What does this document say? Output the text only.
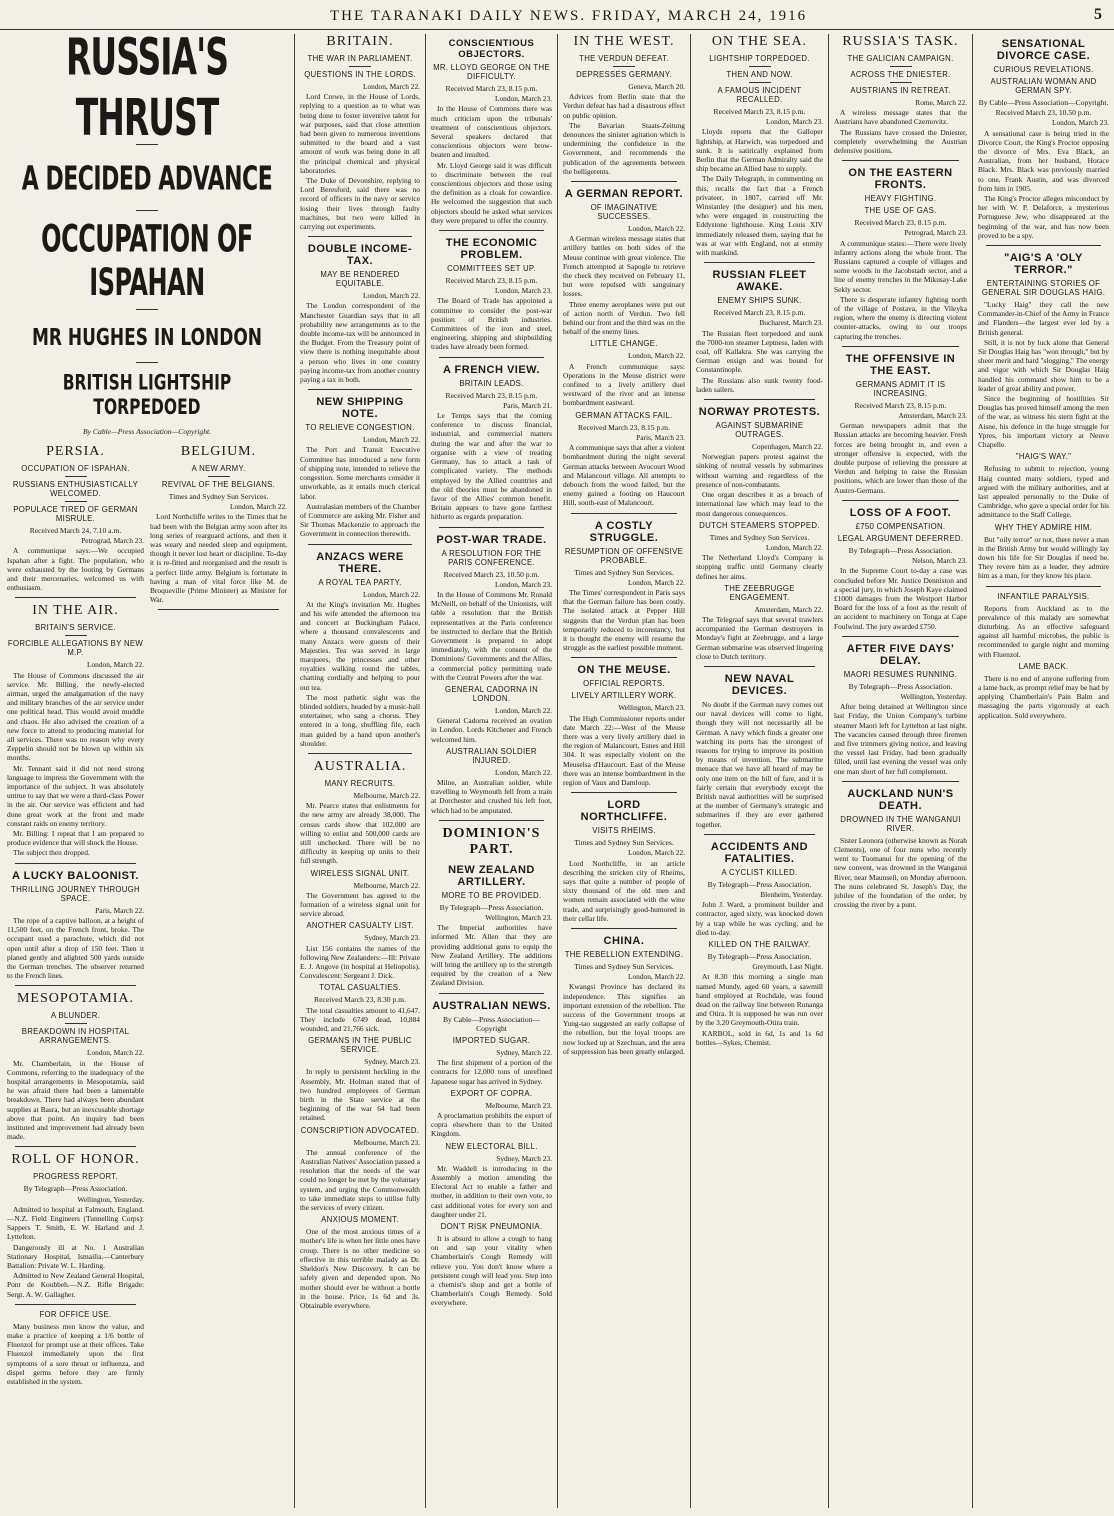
THE TARANAKI DAILY NEWS. FRIDAY, MARCH 24, 1916	5
RUSSIA'S THRUST
A DECIDED ADVANCE
OCCUPATION OF ISPAHAN
MR HUGHES IN LONDON
BRITISH LIGHTSHIP TORPEDOED
By Cable—Press Association—Copyright.
PERSIA.
OCCUPATION OF ISPAHAN.
RUSSIANS ENTHUSIASTICALLY WELCOMED.
POPULACE TIRED OF GERMAN MISRULE.

Received March 24, 7.10 a.m.

Petrograd, March 23.

A communique says:—We occupied Ispahan after a fight. The population, who were exhausted by the looting by Germans and their mercenaries, welcomed us with enthusiasm.

IN THE AIR.
BRITAIN'S SERVICE.
FORCIBLE ALLEGATIONS BY NEW M.P.

London, March 22.

The House of Commons discussed the air service. Mr. Billing, the newly-elected airman, urged the amalgamation of the navy and military branches of the air service under one political head. This would avoid muddle and chaos. He also advised the creation of a new force to attend to producing material for all services. There was no reason why every Zeppelin should not be blown up within six months.

Mr. Tennant said it did not need strong language to impress the Government with the importance of the subject. It was absolutely untrue to say that we were a third-class Power in the air. Our service was efficient and had done great work at the front and made constant raids on enemy territory.

Mr. Billing: I repeat that I am prepared to produce evidence that will shock the House.

The subject then dropped.

A LUCKY BALOONIST.
THRILLING JOURNEY THROUGH SPACE.

Paris, March 22.

The rope of a captive balloon, at a height of 11,500 feet, on the French front, broke. The occupant used a parachute, which did not open until after a drop of 150 feet. Then it planed gently and alighted 500 yards outside the German trenches. The observer returned to the French lines.

MESOPOTAMIA.
A BLUNDER.
BREAKDOWN IN HOSPITAL ARRANGEMENTS.

London, March 22.

Mr. Chamberlain, in the House of Commons, referring to the inadequacy of the hospital arrangements in Mesopotamia, said he was afraid there had been a lamentable breakdown. There had always been abundant supplies at Basra, but an inexcusable shortage above that point. An inquiry had been instituted and improvement had already been made.

ROLL OF HONOR.
PROGRESS REPORT.

By Telegraph—Press Association.

Wellington, Yesterday.

Admitted to hospital at Falmouth, England.—N.Z. Field Engineers (Tunnelling Corps): Sappers T. Smith, E. W. Harland and J. Lyttelton.

Dangerously ill at No. 1 Australian Stationary Hospital, Ismailia.—Canterbury Battalion: Private W. L. Harding.

Admitted to New Zealand General Hospital, Pont de Koubbeh.—N.Z. Rifle Brigade: Sergt. A. W. Gallagher.

FOR OFFICE USE.

Many business men know the value, and make a practice of keeping a 1/6 bottle of Fluenzol for prompt use at their offices. Take Fluenzol immediately upon the first symptoms of a sore throat or influenza, and dispel germs before they are firmly established in the system.

BELGIUM.
A NEW ARMY.
REVIVAL OF THE BELGIANS.

Times and Sydney Sun Services.

London, March 22.

Lord Northcliffe writes to the Times that he had been with the Belgian army soon after its long series of rearguard actions, and then it was weary and needed sleep and equipment, though it never lost heart or discipline. To-day it is re-fitted and reorganised and the result is a perfect little army. Belgium is fortunate in having a man of vital force like M. de Broqueville (Prime Minister) as Minister for War.

BRITAIN.
THE WAR IN PARLIAMENT.
QUESTIONS IN THE LORDS.

London, March 22.

Lord Crewe, in the House of Lords, replying to a question as to what was being done to foster inventive talent for war purposes, said that close attention had been given to numerous inventions submitted to the board and a vast amount of work was being done in all the principal chemical and physical laboratories.

The Duke of Devonshire, replying to Lord Beresford, said there was no record of officers in the navy or service losing their lives through faulty machines, but two were killed in carrying out experiments.

DOUBLE INCOME-TAX.
MAY BE RENDERED EQUITABLE.

London, March 22.

The London correspondent of the Manchester Guardian says that in all probability new arrangements as to the double income-tax will be announced in the Budget. From the Treasury point of view there is nothing inequitable about a person who lives in one country paying income-tax from another country paying a tax in both.

NEW SHIPPING NOTE.
TO RELIEVE CONGESTION.

London, March 22.

The Port and Transit Executive Committee has introduced a new form of shipping note, intended to relieve the congestion. Some merchants consider it unworkable, as it entails much clerical labor.

Australasian members of the Chamber of Commerce are asking Mr. Fisher and Sir Thomas Mackenzie to approach the Government in connection therewith.

ANZACS WERE THERE.
A ROYAL TEA PARTY.

London, March 22.

At the King's invitation Mr. Hughes and his wife attended the afternoon tea and concert at Buckingham Palace, where a thousand convalescents and many Anzacs were guests of their Majesties. Tea was served in large marquees, the princesses and other royalties walking round the tables, chatting cordially and helping to pour out tea.

The most pathetic sight was the blinded soldiers, headed by a music-hall entertainer, who sang a chorus. They entered in a long, shuffling file, each man guided by a hand upon another's shoulder.

AUSTRALIA.
MANY RECRUITS.

Melbourne, March 22.

Mr. Pearce states that enlistments for the new army are already 38,000. The census cards show that 102,000 are willing to enlist and 500,000 cards are still unchecked. There will be no difficulty in keeping up units to their full strength.

WIRELESS SIGNAL UNIT.

Melbourne, March 22.

The Government has agreed to the formation of a wireless signal unit for service abroad.

ANOTHER CASUALTY LIST.

Sydney, March 23.

List 156 contains the names of the following New Zealanders:—Ill: Private E. J. Angove (in hospital at Heliopolis). Convalescent: Sergeant J. Dick.

TOTAL CASUALTIES.

Received March 23, 8.30 p.m.

The total casualties amount to 41,647. They include 6749 dead, 10,884 wounded, and 21,766 sick.

GERMANS IN THE PUBLIC SERVICE.

Sydney, March 23.

In reply to persistent heckling in the Assembly, Mr. Holman stated that of two hundred employees of German birth in the State service at the beginning of the war 64 had been retained.

CONSCRIPTION ADVOCATED.

Melbourne, March 23.

The annual conference of the Australian Natives' Association passed a resolution that the needs of the war could no longer be met by the voluntary system, and urging the Commonwealth to take immediate steps to utilise fully the services of every citizen.

ANXIOUS MOMENT.

One of the most anxious times of a mother's life is when her little ones have croup. There is no other medicine so effective in this terrible malady as Dr. Sheldon's New Discovery. It can be safely given and depended upon. No mother should ever be without a bottle in the house. Price, 1s 6d and 3s. Obtainable everywhere.

CONSCIENTIOUS OBJECTORS.
MR. LLOYD GEORGE ON THE DIFFICULTY.

Received March 23, 8.15 p.m.

London, March 23.

In the House of Commons there was much criticism upon the tribunals' treatment of conscientious objectors. Several speakers declared that conscientious objectors were brow-beaten and insulted.

Mr. Lloyd George said it was difficult to discriminate between the real conscientious objectors and those using the definition as a cloak for cowardice. He welcomed the suggestion that such objectors should be asked what services they were prepared to offer the country.

THE ECONOMIC PROBLEM.
COMMITTEES SET UP.

Received March 23, 8.15 p.m.

London, March 23.

The Board of Trade has appointed a committee to consider the post-war position of British industries. Committees of the iron and steel, engineering, shipping and shipbuilding trades have already been formed.

A FRENCH VIEW.
BRITAIN LEADS.

Received March 23, 8.15 p.m.

Paris, March 21.

Le Temps says that the coming conference to discuss financial, industrial, and commercial matters during the war and after the war to organise with a view of treating Germany, has to attack a task of complicated variety. The methods employed by the Allied countries and the old theories must be abandoned in favor of the Allies' common benefit. Britain appears to have gone farthest hitherto as regards preparation.

POST-WAR TRADE.
A RESOLUTION FOR THE PARIS CONFERENCE.

Received March 23, 10.50 p.m.

London, March 23.

In the House of Commons Mr. Ronald McNeill, on behalf of the Unionists, will table a resolution that the British representatives at the Paris conference be instructed to declare that the British Government is prepared to adopt immediately, with the consent of the Dominions' Governments and the Allies, a commercial policy permitting trade with the Central Powers after the war.

GENERAL CADORNA IN LONDON.

London, March 22.

General Cadorna received an ovation in London. Lords Kitchener and French welcomed him.

AUSTRALIAN SOLDIER INJURED.

London, March 22.

Milne, an Australian soldier, while travelling to Weymouth fell from a train at Dorchester and crushed his left foot, which had to be amputated.

DOMINION'S PART.
NEW ZEALAND ARTILLERY.
MORE TO BE PROVIDED.

By Telegraph—Press Association.

Wellington, March 23.

The Imperial authorities have informed Mr. Allen that they are providing additional guns to equip the New Zealand Artillery. The additions will bring the artillery up to the strength required by the creation of a New Zealand Division.

AUSTRALIAN NEWS.

By Cable—Press Association—Copyright

IMPORTED SUGAR.

Sydney, March 22.

The first shipment of a portion of the contracts for 12,000 tons of unrefined Japanese sugar has arrived in Sydney.

EXPORT OF COPRA.

Melbourne, March 23.

A proclamation prohibits the export of copra elsewhere than to the United Kingdom.

NEW ELECTORAL BILL.

Sydney, March 23.

Mr. Waddell is introducing in the Assembly a motion amending the Electoral Act to enable a father and mother, in addition to their own vote, to cast additional votes for every son and daughter under 21.

DON'T RISK PNEUMONIA.

It is absurd to allow a cough to hang on and sap your vitality when Chamberlain's Cough Remedy will relieve you. You don't know where a persistent cough will lead you. Step into a chemist's shop and get a bottle of Chamberlain's Cough Remedy. Sold everywhere.

IN THE WEST.
THE VERDUN DEFEAT.
DEPRESSES GERMANY.

Geneva, March 20.

Advices from Berlin state that the Verdun defeat has had a disastrous effect on public opinion.

The Bavarian Staats-Zeitung denounces the sinister agitation which is undermining the confidence in the Government, and recommends the publication of the agreements between the belligerents.

A GERMAN REPORT.
OF IMAGINATIVE SUCCESSES.

London, March 22.

A German wireless message states that artillery battles on both sides of the Meuse continue with great violence. The French attempted at Sapogle to retrieve the check they received on February 11, but were repulsed with sanguinary losses.

Three enemy aeroplanes were put out of action north of Verdun. Two fell behind our front and the third was on the behalf of the enemy lines.

LITTLE CHANGE.

London, March 22.

A French communique says: Operations in the Meuse district were confined to a lively artillery duel westward of the river and an intense bombardment eastward.

GERMAN ATTACKS FAIL.

Received March 23, 8.15 p.m.

Paris, March 23.

A communique says that after a violent bombardment during the night several German attacks between Avocourt Wood and Malancourt village. All attempts to debouch from the wood failed, but the enemy gained a footing on Haucourt Hill, south-east of Malancourt.

A COSTLY STRUGGLE.
RESUMPTION OF OFFENSIVE PROBABLE.

Times and Sydney Sun Services.

London, March 22.

The Times' correspondent in Paris says that the German failure has been costly. The isolated attack at Pepper Hill suggests that the Verdun plan has been temporarily reduced to inconstancy, but it is thought the enemy will resume the struggle as the earliest possible moment.

ON THE MEUSE.
OFFICIAL REPORTS.
LIVELY ARTILLERY WORK.

Wellington, March 23.

The High Commissioner reports under date March 22:—West of the Meuse there was a very lively artillery duel in the region of Malancourt, Esnes and Hill 304. It was especially violent on the Meuselsa d'Haucourt. East of the Meuse there was an intense bombardment in the region of Vaux and Damloup.

LORD NORTHCLIFFE.
VISITS RHEIMS.

Times and Sydney Sun Services.

London, March 22.

Lord Northcliffe, in an article describing the stricken city of Rheims, says that quite a number of people of sixty thousand of the old men and women remain associated with the wine trade, and surprisingly good-humored in their cellar life.

CHINA.
THE REBELLION EXTENDING.

Times and Sydney Sun Services.

London, March 22.

Kwangsi Province has declared its independence. This signifies an important extension of the rebellion. The success of the Government troops at Yung-tao suggested an early collapse of the rebellion, but the loyal troops are now locked up at Szechuan, and the area of suppression has been greatly enlarged.

ON THE SEA.
LIGHTSHIP TORPEDOED.
THEN AND NOW.
A FAMOUS INCIDENT RECALLED.

Received March 23, 8.15 p.m.

London, March 23.

Lloyds reports that the Galloper lightship, at Harwich, was torpedoed and sunk. It is satirically explained from Berlin that the German Admiralty said the ship became an Allied base to supply.

The Daily Telegraph, in commenting on this, recalls the fact that a French privateer, in 1807, carried off Mr. Winstanley (the designer) and his men, who were engaged in constructing the Eddystone lighthouse. King Louis XIV immediately released them, saying that he was at war with England, not at enmity with mankind.

RUSSIAN FLEET AWAKE.
ENEMY SHIPS SUNK.

Received March 23, 8.15 p.m.

Bucharest, March 23.

The Russian fleet torpedoed and sunk the 7000-ton steamer Leptness, laden with coal, off Kallakra. She was carrying the German ensign and was bound for Constantinople.

The Russians also sunk twenty food-laden sailers.

NORWAY PROTESTS.
AGAINST SUBMARINE OUTRAGES.

Copenhagen, March 22.

Norwegian papers protest against the sinking of neutral vessels by submarines without warning and regardless of the presence of non-combatants.

One organ describes it as a breach of international law which may lead to the most dangerous consequences.

DUTCH STEAMERS STOPPED.

Times and Sydney Sun Services.

London, March 22.

The Netherland Lloyd's Company is stopping traffic until Germany clearly defines her aims.

THE ZEEBRUGGE ENGAGEMENT.

Amsterdam, March 22.

The Telegraaf says that several trawlers accompanied the German destroyers in Monday's fight at Zeebrugge, and a large German submarine was observed lingering close to Dutch territory.

NEW NAVAL DEVICES.

No doubt if the German navy comes out our naval devices will come to light, though they will not necessarily all be German. A navy which finds a greater one watching its ports has the strongest of reasons for trying to improve its position by means of invention. The submarine menace that we have all heard of may be only one item on the bill of fare, and it is fairly certain that everybody except the British naval authorities will be surprised at the number of Germany's strategic and submarines if they are ever gathered together.

ACCIDENTS AND FATALITIES.
A CYCLIST KILLED.

By Telegraph—Press Association.

Blenheim, Yesterday.

John J. Ward, a prominent builder and contractor, aged sixty, was knocked down by a trap while he was cycling, and he died to-day.

KILLED ON THE RAILWAY.

By Telegraph—Press Association.

Greymouth, Last Night.

At 8.30 this morning a single man named Mundy, aged 60 years, a sawmill hand employed at Rochdale, was found dead on the railway line between Runanga and Otira. It is supposed he was run over by the 3.20 Greymouth-Otira train.

KARBOL, sold in 6d, 1s and 1s 6d bottles—Sykes, Chemist.

RUSSIA'S TASK.
THE GALICIAN CAMPAIGN.
ACROSS THE DNIESTER.
AUSTRIANS IN RETREAT.

Rome, March 22.

A wireless message states that the Austrians have abandoned Czernovitz.

The Russians have crossed the Dniester, completely overwhelming the Austrian defensive positions.

ON THE EASTERN FRONTS.
HEAVY FIGHTING.
THE USE OF GAS.

Received March 23, 8.15 p.m.

Petrograd, March 23.

A communique states:—There were lively infantry actions along the whole front. The Russians captured a couple of villages and some woods in the Jacobstadt sector, and a line of enemy trenches in the Mikusay-Lake Sekly sector.

There is desperate infantry fighting north of the village of Postava, in the Vileyka region, where the enemy is directing violent counter-attacks, owing to our troops capturing the trenches.

THE OFFENSIVE IN THE EAST.
GERMANS ADMIT IT IS INCREASING.

Received March 23, 8.15 p.m.

Amsterdam, March 23.

German newspapers admit that the Russian attacks are becoming heavier. Fresh forces are being brought in, and even a stronger offensive is expected, with the double purpose of relieving the pressure at Verdun and helping to raise the Russian positions, which are lower than those of the Austro-Germans.

LOSS OF A FOOT.
£750 COMPENSATION.
LEGAL ARGUMENT DEFERRED.

By Telegraph—Press Association.

Nelson, March 23.

In the Supreme Court to-day a case was concluded before Mr. Justice Denniston and a special jury, in which Joseph Kaye claimed £1000 damages from the Westport Harbor Board for the loss of a foot as the result of an accident to machinery on Tonga at Cape Foulwind. The jury awarded £750.

AFTER FIVE DAYS' DELAY.
MAORI RESUMES RUNNING.

By Telegraph—Press Association.

Wellington, Yesterday.

After being detained at Wellington since last Friday, the Union Company's turbine steamer Maori left for Lyttelton at last night. The vacancies caused through three firemen and five trimmers giving notice, and leaving the vessel last Friday, had been gradually filled, until last evening the vessel was only one man short of her full complement.

AUCKLAND NUN'S DEATH.
DROWNED IN THE WANGANUI RIVER.

Sister Leonora (otherwise known as Norah Clements), one of four nuns who recently went to Tuomanui for the opening of the new convent, was drowned in the Wanganui River, near Maunsell, on Monday afternoon. The nuns celebrated St. Joseph's Day, the jubilee of the foundation of the order, by crossing the river by a punt.

SENSATIONAL DIVORCE CASE.
CURIOUS REVELATIONS.
AUSTRALIAN WOMAN AND GERMAN SPY.

By Cable—Press Association—Copyright.

Received March 23, 10.50 p.m.

London, March 23.

A sensational case is being tried in the Divorce Court, the King's Proctor opposing the divorce of Mrs. Eva Black, an Australian, from her husband, Horace Black. Mrs. Black was previously married to one, Frank Austin, and was divorced from him in 1905.

The King's Proctor alleges misconduct by her with W. P. Delaforce, a mysterious Portuguese Jew, who disappeared at the beginning of the war, and has now been proved to be a spy.

"AIG'S A 'OLY TERROR."
ENTERTAINING STORIES OF GENERAL SIR DOUGLAS HAIG.

"Lucky Haig" they call the new Commander-in-Chief of the Army in France and Flanders—the largest ever led by a British general.

Still, it is not by luck alone that General Sir Douglas Haig has "won through," but by sheer merit and hard "slogging." The energy and vigor with which Sir Douglas Haig handled his command show him to be a leader of great ability and power.

Since the beginning of hostilities Sir Douglas has proved himself among the men of the war, as witness his stern fight at the Aisne, his defence in the huge struggle for Ypres, his important victory at Neuve Chapelle.

"HAIG'S WAY."

Refusing to submit to rejection, young Haig counted many soldiers, typed and argued with the military authorities, and at last appealed personally to the Duke of Cambridge, who gave a special order for his admittance to the Staff College.

WHY THEY ADMIRE HIM.

But "oily terror" or not, there never a man in the British Army but would willingly lay down his life for Sir Douglas if need be. They revere him as a leader, they admire him as a man, for they know his place.

INFANTILE PARALYSIS.

Reports from Auckland as to the prevalence of this malady are somewhat disturbing. As an effective safeguard against all harmful microbes, the public is recommended to gargle night and morning with Fluenzol.

LAME BACK.

There is no end of anyone suffering from a lame back, as prompt relief may be had by applying Chamberlain's Pain Balm and massaging the parts vigorously at each application. Sold everywhere.
